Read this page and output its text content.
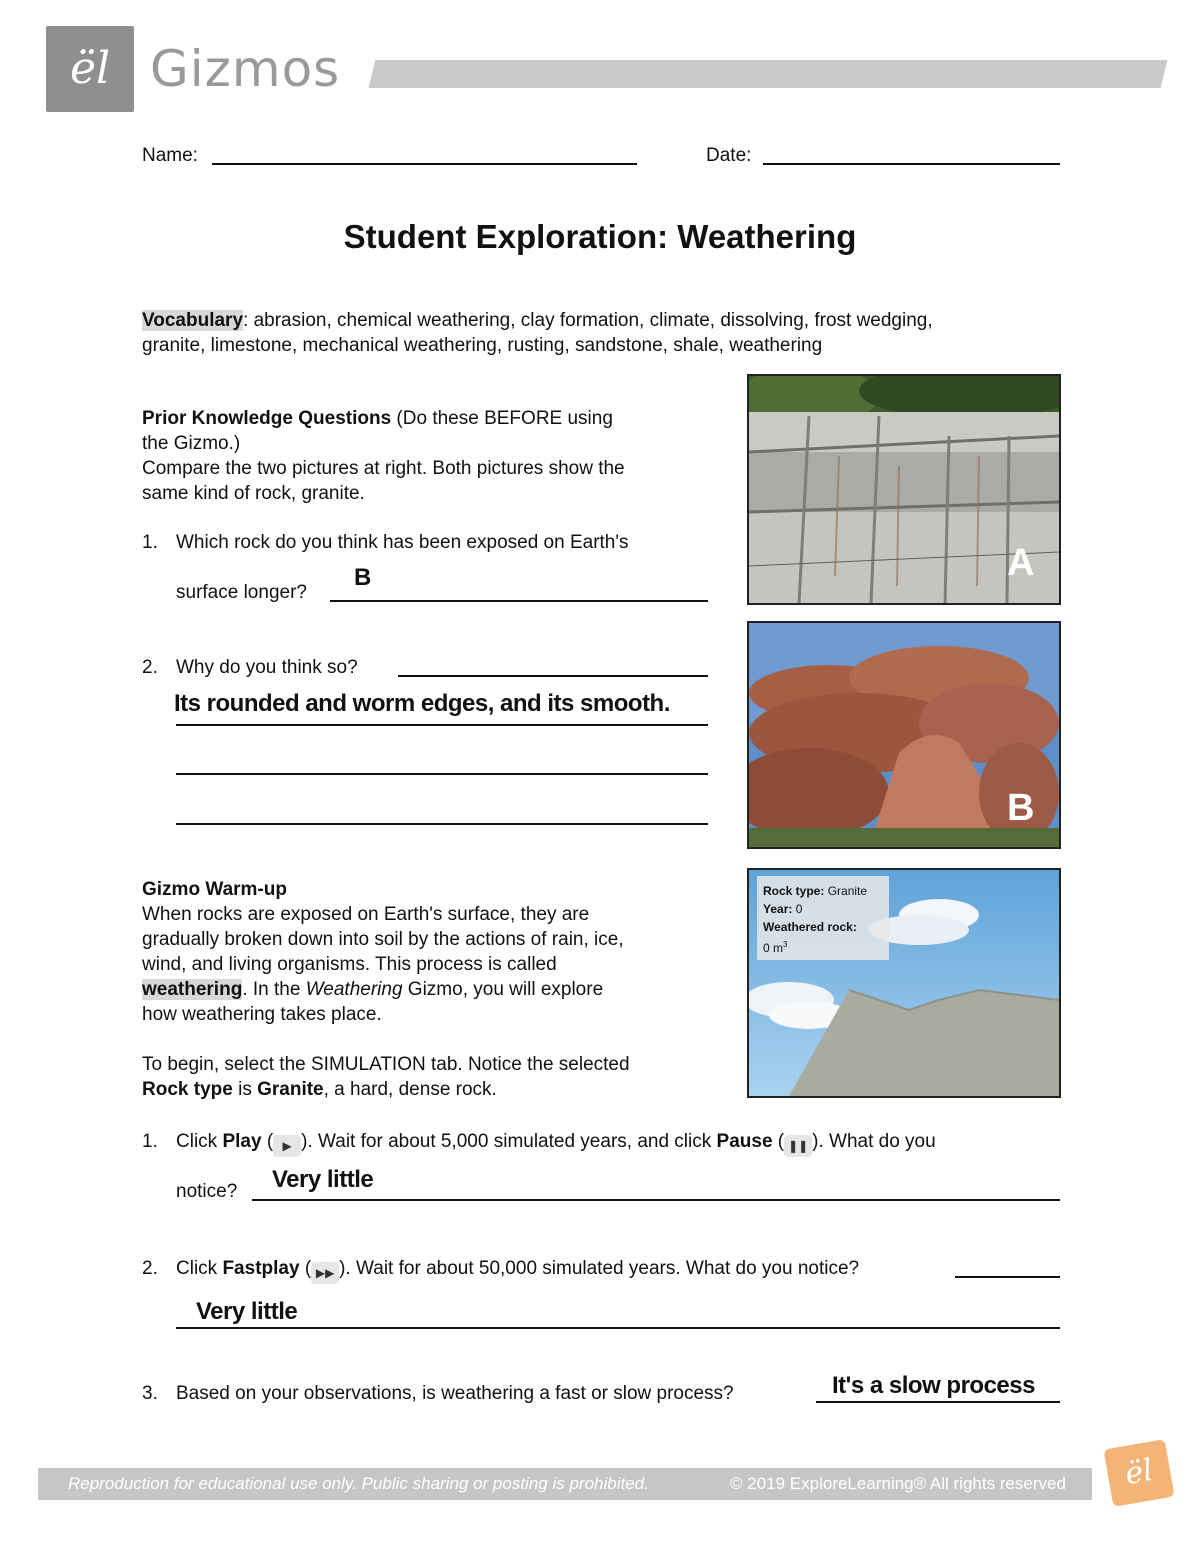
ël Gizmos
Name:	Date:
Student Exploration: Weathering
Vocabulary: abrasion, chemical weathering, clay formation, climate, dissolving, frost wedging,
granite, limestone, mechanical weathering, rusting, sandstone, shale, weathering
Prior Knowledge Questions (Do these BEFORE using
the Gizmo.)
Compare the two pictures at right. Both pictures show the
same kind of rock, granite.
1. Which rock do you think has been exposed on Earth's
surface longer?
B
2. Why do you think so?
Its rounded and worm edges, and its smooth.
A
B
Gizmo Warm-up
When rocks are exposed on Earth's surface, they are
gradually broken down into soil by the actions of rain, ice,
wind, and living organisms. This process is called
weathering. In the Weathering Gizmo, you will explore
how weathering takes place.
To begin, select the SIMULATION tab. Notice the selected
Rock type is Granite, a hard, dense rock.
Rock type: Granite
Year: 0
Weathered rock:
0 $m^3$
1. Click Play ( ▶ ). Wait for about 5,000 simulated years, and click Pause ( ❚❚ ). What do you
notice? Very little
2. Click Fastplay ( ▶▶ ). Wait for about 50,000 simulated years. What do you notice?
Very little
3. Based on your observations, is weathering a fast or slow process?	It's a slow process
Reproduction for educational use only. Public sharing or posting is prohibited.	© 2019 ExploreLearning® All rights reserved	ël
